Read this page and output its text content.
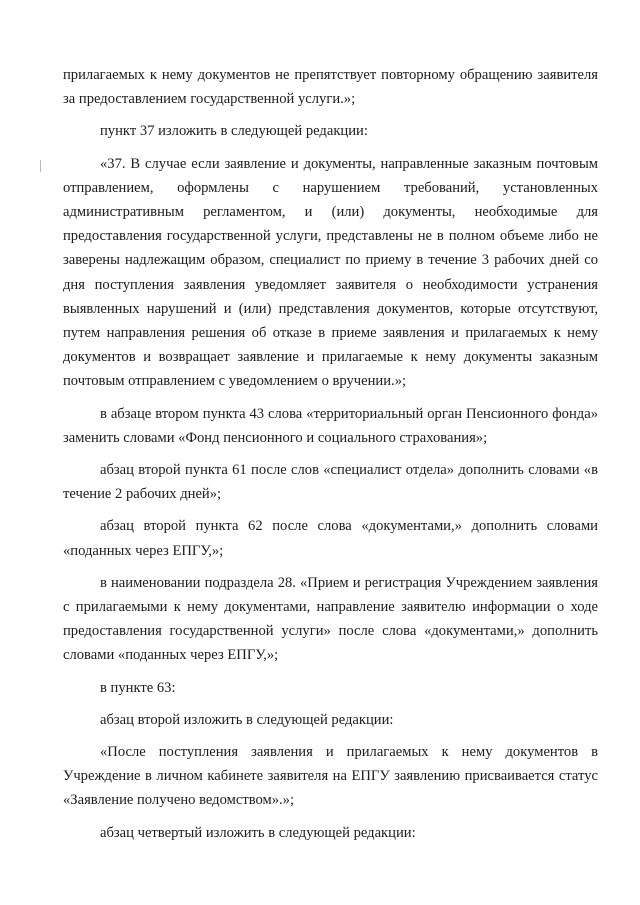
прилагаемых к нему документов не препятствует повторному обращению заявителя за предоставлением государственной услуги.»;

пункт 37 изложить в следующей редакции:

«37. В случае если заявление и документы, направленные заказным почтовым отправлением, оформлены с нарушением требований, установленных административным регламентом, и (или) документы, необходимые для предоставления государственной услуги, представлены не в полном объеме либо не заверены надлежащим образом, специалист по приему в течение 3 рабочих дней со дня поступления заявления уведомляет заявителя о необходимости устранения выявленных нарушений и (или) представления документов, которые отсутствуют, путем направления решения об отказе в приеме заявления и прилагаемых к нему документов и возвращает заявление и прилагаемые к нему документы заказным почтовым отправлением с уведомлением о вручении.»;

в абзаце втором пункта 43 слова «территориальный орган Пенсионного фонда» заменить словами «Фонд пенсионного и социального страхования»;

абзац второй пункта 61 после слов «специалист отдела» дополнить словами «в течение 2 рабочих дней»;

абзац второй пункта 62 после слова «документами,» дополнить словами «поданных через ЕПГУ,»;

в наименовании подраздела 28. «Прием и регистрация Учреждением заявления с прилагаемыми к нему документами, направление заявителю информации о ходе предоставления государственной услуги» после слова «документами,» дополнить словами «поданных через ЕПГУ,»;

в пункте 63:

абзац второй изложить в следующей редакции:

«После поступления заявления и прилагаемых к нему документов в Учреждение в личном кабинете заявителя на ЕПГУ заявлению присваивается статус «Заявление получено ведомством».»;

абзац четвертый изложить в следующей редакции:
